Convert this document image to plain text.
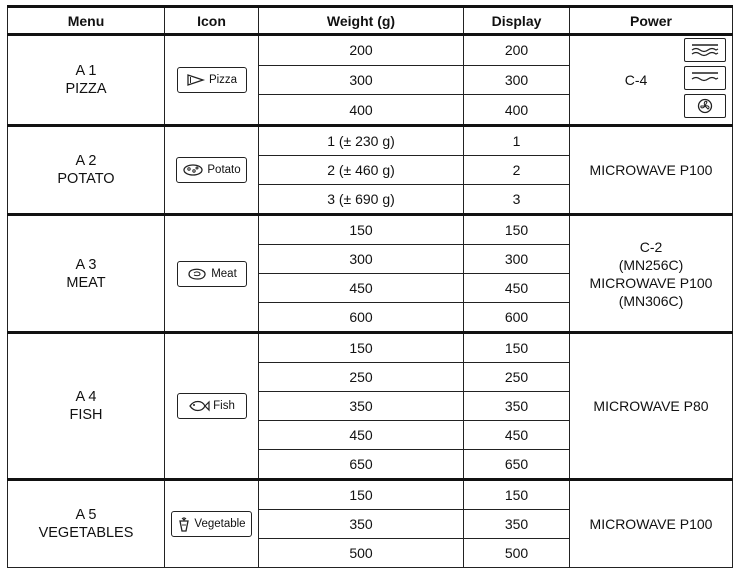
Menu	Icon	Weight (g)	Display	Power

A 1
PIZZA	Pizza	200	200	C-4

		300	300	
		400	400	

A 2
POTATO	Potato	1 (± 230 g)	1	MICROWAVE P100

		2 (± 460 g)	2	
		3 (± 690 g)	3	

A 3
MEAT	Meat	150	150	C-2
(MN256C)
MICROWAVE P100
(MN306C)

		300	300	
		450	450	
		600	600	

A 4
FISH	Fish	150	150	MICROWAVE P80

		250	250	
		350	350	
		450	450	
		650	650	

A 5
VEGETABLES	Vegetable	150	150	MICROWAVE P100

		350	350	
		500	500	
